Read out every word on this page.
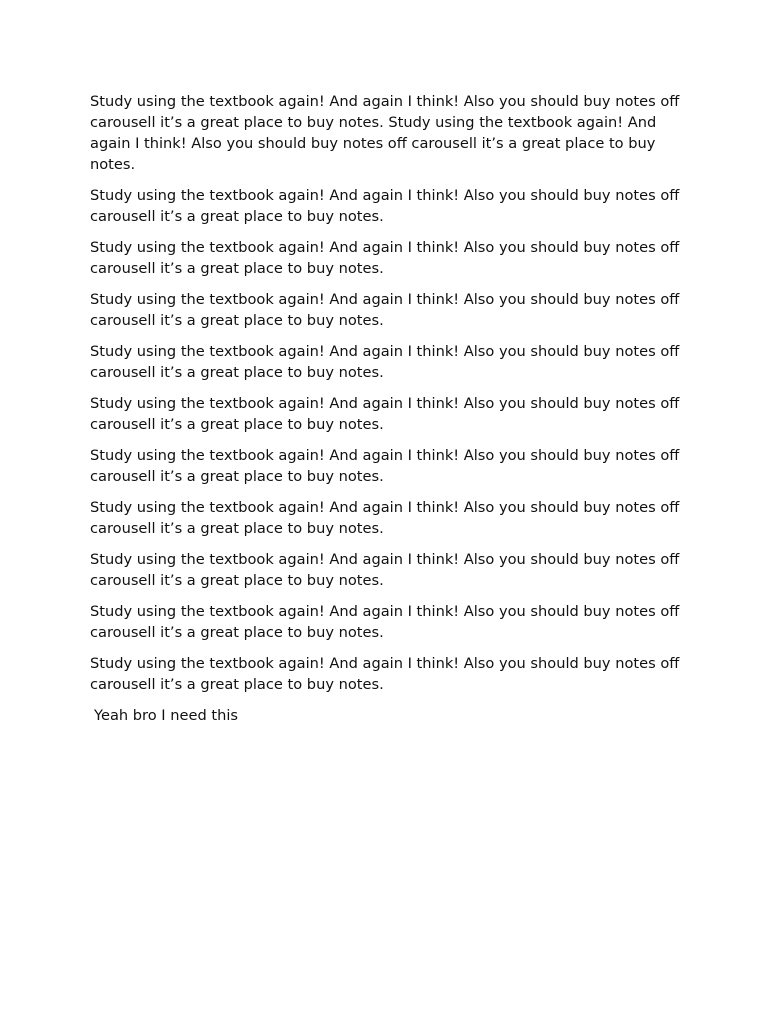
Study using the textbook again! And again I think! Also you should buy notes off carousell it’s a great place to buy notes. Study using the textbook again! And again I think! Also you should buy notes off carousell it’s a great place to buy notes.

Study using the textbook again! And again I think! Also you should buy notes off carousell it’s a great place to buy notes.

Study using the textbook again! And again I think! Also you should buy notes off carousell it’s a great place to buy notes.

Study using the textbook again! And again I think! Also you should buy notes off carousell it’s a great place to buy notes.

Study using the textbook again! And again I think! Also you should buy notes off carousell it’s a great place to buy notes.

Study using the textbook again! And again I think! Also you should buy notes off carousell it’s a great place to buy notes.

Study using the textbook again! And again I think! Also you should buy notes off carousell it’s a great place to buy notes.

Study using the textbook again! And again I think! Also you should buy notes off carousell it’s a great place to buy notes.

Study using the textbook again! And again I think! Also you should buy notes off carousell it’s a great place to buy notes.

Study using the textbook again! And again I think! Also you should buy notes off carousell it’s a great place to buy notes.

Study using the textbook again! And again I think! Also you should buy notes off carousell it’s a great place to buy notes.

Yeah bro I need this
